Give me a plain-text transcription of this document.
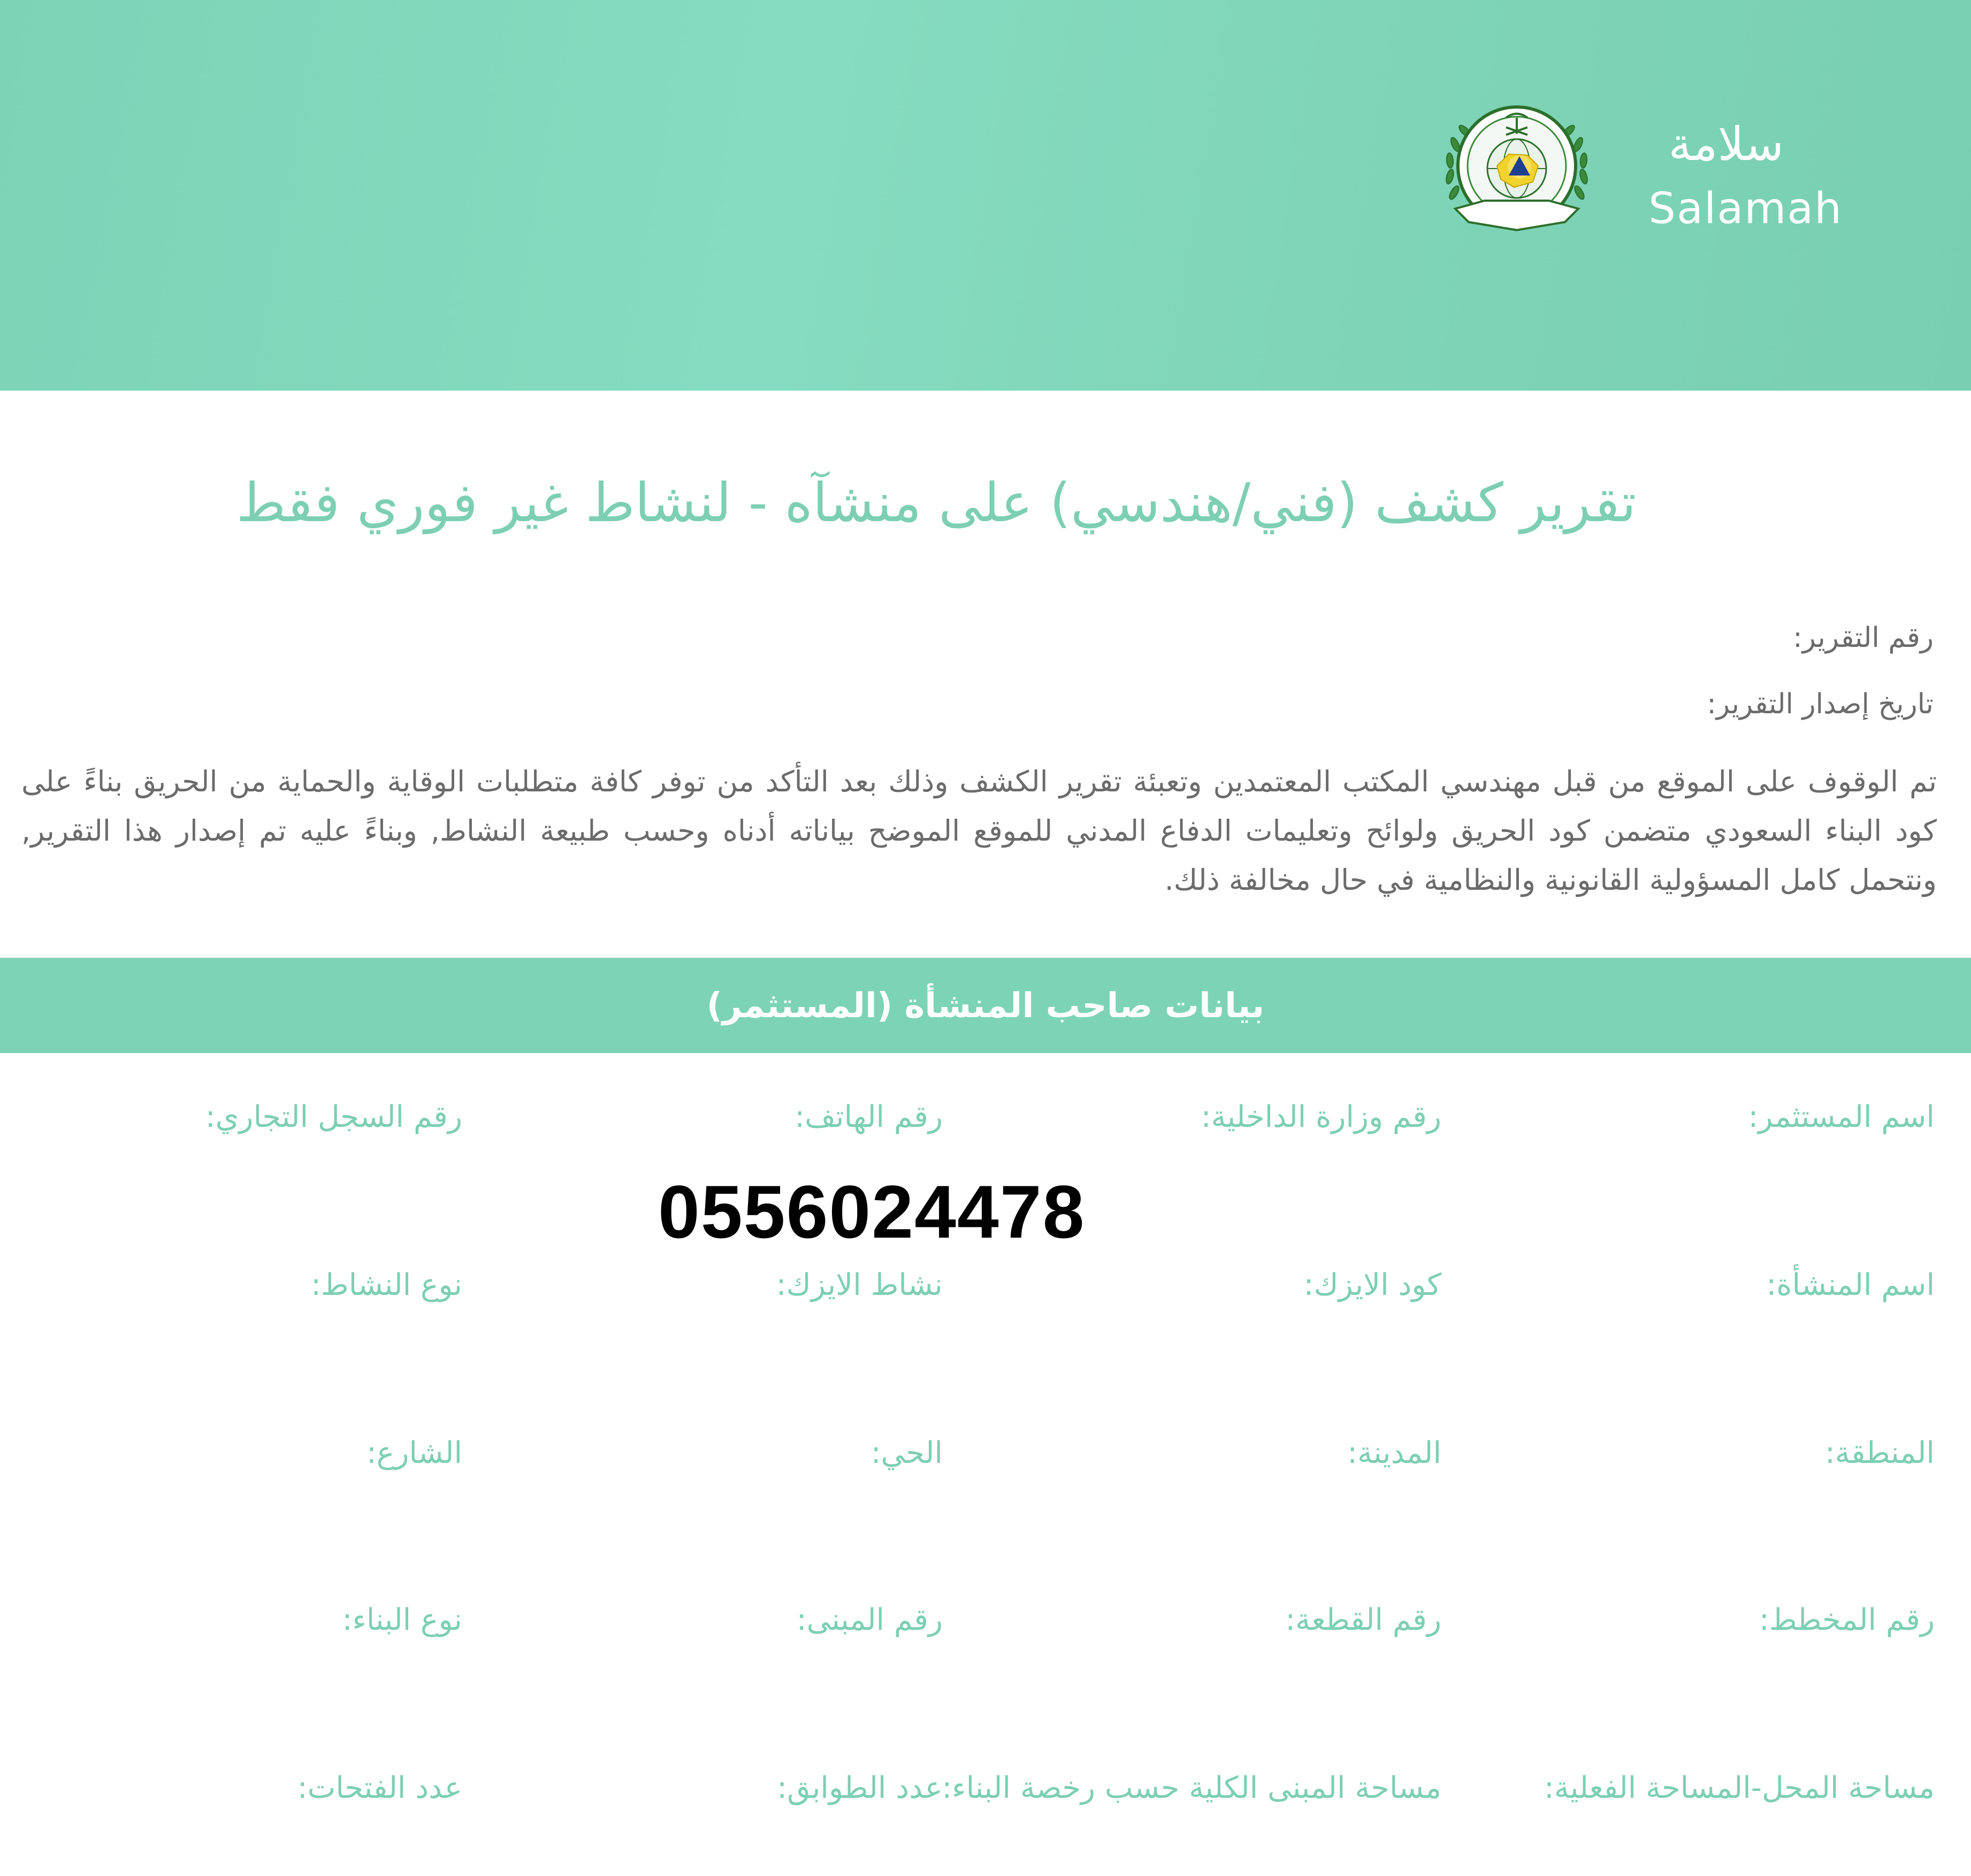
سلامة
Salamah
تقرير كشف (فني/هندسي) على منشآه - لنشاط غير فوري فقط
رقم التقرير:
تاريخ إصدار التقرير:
تم الوقوف على الموقع من قبل مهندسي المكتب المعتمدين وتعبئة تقرير الكشف وذلك بعد التأكد من توفر كافة متطلبات الوقاية والحماية من الحريق بناءً على كود البناء السعودي متضمن كود الحريق ولوائح وتعليمات الدفاع المدني للموقع الموضح بياناته أدناه وحسب طبيعة النشاط, وبناءً عليه تم إصدار هذا التقرير, ونتحمل كامل المسؤولية القانونية والنظامية في حال مخالفة ذلك.
بيانات صاحب المنشأة (المستثمر)
اسم المستثمر:
رقم وزارة الداخلية:
رقم الهاتف:
رقم السجل التجاري:
0556024478
اسم المنشأة:
كود الايزك:
نشاط الايزك:
نوع النشاط:
المنطقة:
المدينة:
الحي:
الشارع:
رقم المخطط:
رقم القطعة:
رقم المبنى:
نوع البناء:
مساحة المحل-المساحة الفعلية:
مساحة المبنى الكلية حسب رخصة البناء:
عدد الطوابق:
عدد الفتحات:
